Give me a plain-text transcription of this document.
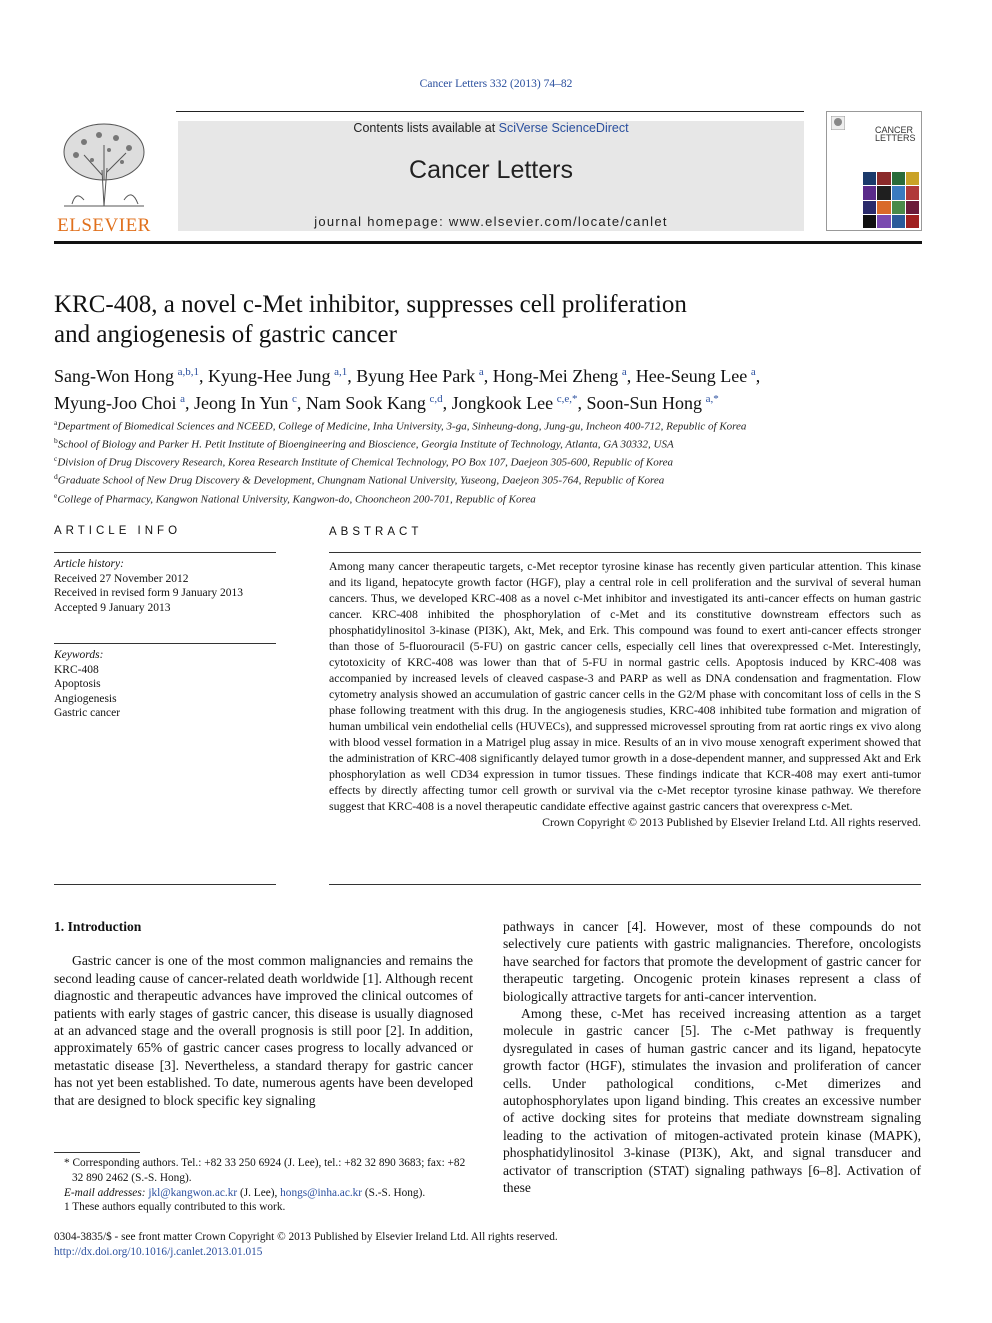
Cancer Letters 332 (2013) 74–82
ELSEVIER
Contents lists available at SciVerse ScienceDirect
Cancer Letters
journal homepage: www.elsevier.com/locate/canlet
CANCER
LETTERS
KRC-408, a novel c-Met inhibitor, suppresses cell proliferation
and angiogenesis of gastric cancer
Sang-Won Hong  $^{a,b,1}$, Kyung-Hee Jung  $^{a,1}$, Byung Hee Park  $^a$, Hong-Mei Zheng  $^a$, Hee-Seung Lee  $^a$,
Myung-Joo Choi  $^a$, Jeong In Yun  $^c$, Nam Sook Kang  $^{c,d}$, Jongkook Lee  $^{c,e,*}$, Soon-Sun Hong  $^{a,*}$
$^a$Department of Biomedical Sciences and NCEED, College of Medicine, Inha University, 3-ga, Sinheung-dong, Jung-gu, Incheon 400-712, Republic of Korea
$^b$School of Biology and Parker H. Petit Institute of Bioengineering and Bioscience, Georgia Institute of Technology, Atlanta, GA 30332, USA
$^c$Division of Drug Discovery Research, Korea Research Institute of Chemical Technology, PO Box 107, Daejeon 305-600, Republic of Korea
$^d$Graduate School of New Drug Discovery & Development, Chungnam National University, Yuseong, Daejeon 305-764, Republic of Korea
$^e$College of Pharmacy, Kangwon National University, Kangwon-do, Chooncheon 200-701, Republic of Korea
ARTICLE INFO
Article history:
Received 27 November 2012
Received in revised form 9 January 2013
Accepted 9 January 2013
Keywords:
KRC-408
Apoptosis
Angiogenesis
Gastric cancer
ABSTRACT
Among many cancer therapeutic targets, c-Met receptor tyrosine kinase has recently given particular attention. This kinase and its ligand, hepatocyte growth factor (HGF), play a central role in cell proliferation and the survival of several human cancers. Thus, we developed KRC-408 as a novel c-Met inhibitor and investigated its anti-cancer effects on human gastric cancer. KRC-408 inhibited the phosphorylation of c-Met and its constitutive downstream effectors such as phosphatidylinositol 3-kinase (PI3K), Akt, Mek, and Erk. This compound was found to exert anti-cancer effects stronger than those of 5-fluorouracil (5-FU) on gastric cancer cells, especially cell lines that overexpressed c-Met. Interestingly, cytotoxicity of KRC-408 was lower than that of 5-FU in normal gastric cells. Apoptosis induced by KRC-408 was accompanied by increased levels of cleaved caspase-3 and PARP as well as DNA condensation and fragmentation. Flow cytometry analysis showed an accumulation of gastric cancer cells in the G2/M phase with concomitant loss of cells in the S phase following treatment with this drug. In the angiogenesis studies, KRC-408 inhibited tube formation and migration of human umbilical vein endothelial cells (HUVECs), and suppressed microvessel sprouting from rat aortic rings ex vivo along with blood vessel formation in a Matrigel plug assay in mice. Results of an in vivo mouse xenograft experiment showed that the administration of KRC-408 significantly delayed tumor growth in a dose-dependent manner, and suppressed Akt and Erk phosphorylation as well CD34 expression in tumor tissues. These findings indicate that KCR-408 may exert anti-tumor effects by directly affecting tumor cell growth or survival via the c-Met receptor tyrosine kinase pathway. We therefore suggest that KRC-408 is a novel therapeutic candidate effective against gastric cancers that overexpress c-Met.
Crown Copyright © 2013 Published by Elsevier Ireland Ltd. All rights reserved.
1. Introduction

Gastric cancer is one of the most common malignancies and remains the second leading cause of cancer-related death worldwide [1]. Although recent diagnostic and therapeutic advances have improved the clinical outcomes of patients with early stages of gastric cancer, this disease is usually diagnosed at an advanced stage and the overall prognosis is still poor [2]. In addition, approximately 65% of gastric cancer cases progress to locally advanced or metastatic disease [3]. Nevertheless, a standard therapy for gastric cancer has not yet been established. To date, numerous agents have been developed that are designed to block specific key signaling

pathways in cancer [4]. However, most of these compounds do not selectively cure patients with gastric malignancies. Therefore, oncologists have searched for factors that promote the development of gastric cancer for therapeutic targeting. Oncogenic protein kinases represent a class of biologically attractive targets for anti-cancer intervention.

Among these, c-Met has received increasing attention as a target molecule in gastric cancer [5]. The c-Met pathway is frequently dysregulated in cases of human gastric cancer and its ligand, hepatocyte growth factor (HGF), stimulates the invasion and proliferation of cancer cells. Under pathological conditions, c-Met dimerizes and autophosphorylates upon ligand binding. This creates an excessive number of active docking sites for proteins that mediate downstream signaling leading to the activation of mitogen-activated protein kinase (MAPK), phosphatidylinositol 3-kinase (PI3K), Akt, and signal transducer and activator of transcription (STAT) signaling pathways [6–8]. Activation of these

* Corresponding authors. Tel.: +82 33 250 6924 (J. Lee), tel.: +82 32 890 3683; fax: +82 32 890 2462 (S.-S. Hong).
E-mail addresses: jkl@kangwon.ac.kr (J. Lee), hongs@inha.ac.kr (S.-S. Hong).
1 These authors equally contributed to this work.
0304-3835/$ - see front matter Crown Copyright © 2013 Published by Elsevier Ireland Ltd. All rights reserved.
http://dx.doi.org/10.1016/j.canlet.2013.01.015
